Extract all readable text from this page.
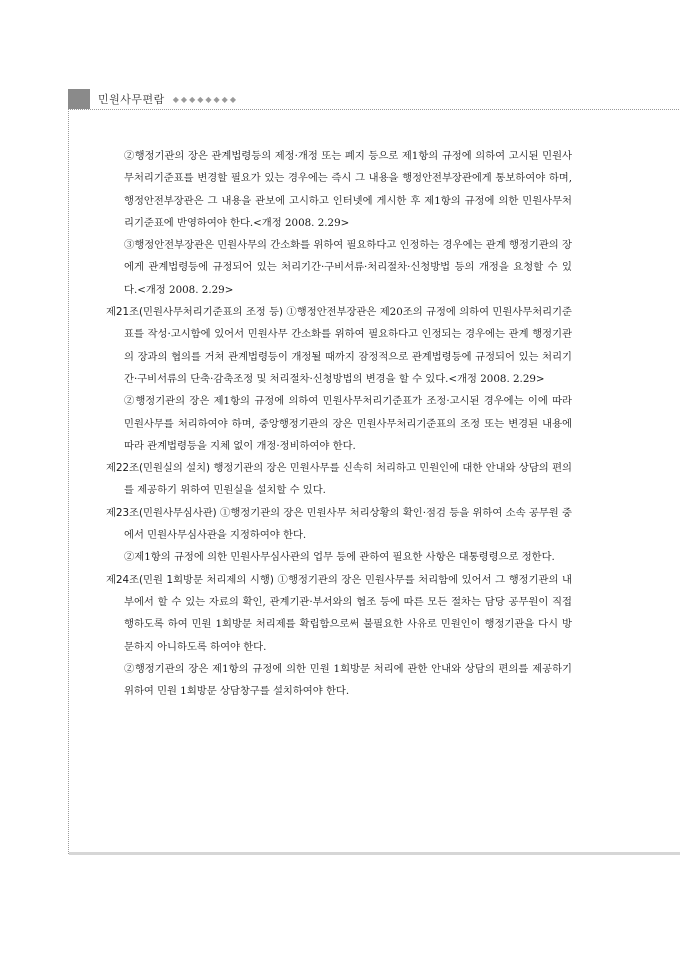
민원사무편람 ◆◆◆◆◆◆◆◆

②행정기관의 장은 관계법령등의 제정·개정 또는 폐지 등으로 제1항의 규정에 의하여 고시된 민원사무처리기준표를 변경할 필요가 있는 경우에는 즉시 그 내용을 행정안전부장관에게 통보하여야 하며, 행정안전부장관은 그 내용을 관보에 고시하고 인터넷에 게시한 후 제1항의 규정에 의한 민원사무처리기준표에 반영하여야 한다.<개정 2008. 2.29>

③행정안전부장관은 민원사무의 간소화를 위하여 필요하다고 인정하는 경우에는 관계 행정기관의 장에게 관계법령등에 규정되어 있는 처리기간·구비서류·처리절차·신청방법 등의 개정을 요청할 수 있다.<개정 2008. 2.29>

제21조(민원사무처리기준표의 조정 등) ①행정안전부장관은 제20조의 규정에 의하여 민원사무처리기준표를 작성·고시함에 있어서 민원사무 간소화를 위하여 필요하다고 인정되는 경우에는 관계 행정기관의 장과의 협의를 거쳐 관계법령등이 개정될 때까지 잠정적으로 관계법령등에 규정되어 있는 처리기간·구비서류의 단축·감축조정 및 처리절차·신청방법의 변경을 할 수 있다.<개정 2008. 2.29>

②행정기관의 장은 제1항의 규정에 의하여 민원사무처리기준표가 조정·고시된 경우에는 이에 따라 민원사무를 처리하여야 하며, 중앙행정기관의 장은 민원사무처리기준표의 조정 또는 변경된 내용에 따라 관계법령등을 지체 없이 개정·정비하여야 한다.

제22조(민원실의 설치) 행정기관의 장은 민원사무를 신속히 처리하고 민원인에 대한 안내와 상담의 편의를 제공하기 위하여 민원실을 설치할 수 있다.

제23조(민원사무심사관) ①행정기관의 장은 민원사무 처리상황의 확인·점검 등을 위하여 소속 공무원 중에서 민원사무심사관을 지정하여야 한다.

②제1항의 규정에 의한 민원사무심사관의 업무 등에 관하여 필요한 사항은 대통령령으로 정한다.

제24조(민원 1회방문 처리제의 시행) ①행정기관의 장은 민원사무를 처리함에 있어서 그 행정기관의 내부에서 할 수 있는 자료의 확인, 관계기관·부서와의 협조 등에 따른 모든 절차는 담당 공무원이 직접 행하도록 하여 민원 1회방문 처리제를 확립함으로써 불필요한 사유로 민원인이 행정기관을 다시 방문하지 아니하도록 하여야 한다.

②행정기관의 장은 제1항의 규정에 의한 민원 1회방문 처리에 관한 안내와 상담의 편의를 제공하기 위하여 민원 1회방문 상담창구를 설치하여야 한다.
